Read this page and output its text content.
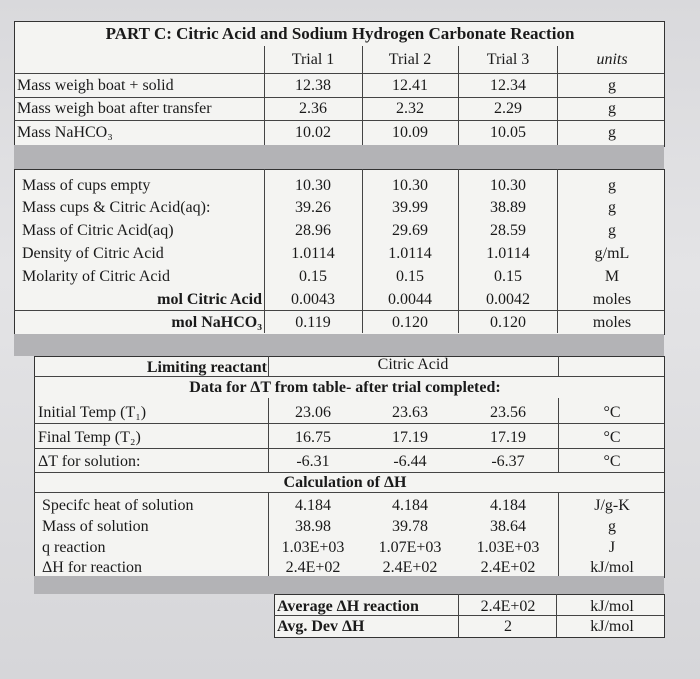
PART C: Citric Acid and Sodium Hydrogen Carbonate Reaction
Trial 1	Trial 2	Trial 3	units
Mass weigh boat + solid	12.38	12.41	12.34	g
Mass weigh boat after transfer	2.36	2.32	2.29	g
Mass NaHCO₃	10.02	10.09	10.05	g
Mass of cups empty	10.30	10.30	10.30	g
Mass cups & Citric Acid(aq):	39.26	39.99	38.89	g
Mass of Citric Acid(aq)	28.96	29.69	28.59	g
Density of Citric Acid	1.0114	1.0114	1.0114	g/mL
Molarity of Citric Acid	0.15	0.15	0.15	M
mol Citric Acid 0.0043	0.0044	0.0042	moles
mol NaHCO₃ 0.119	0.120	0.120	moles
Limiting reactant	Citric Acid
Data for ΔT from table- after trial completed:
Initial Temp (T₁)	23.06	23.63	23.56	°C
Final Temp (T₂)	16.75	17.19	17.19	°C
ΔT for solution:	-6.31	-6.44	-6.37	°C
Calculation of ΔH
Specifc heat of solution	4.184	4.184	4.184	J/g-K
Mass of solution	38.98	39.78	38.64	g
q reaction	1.03E+03 1.07E+03 1.03E+03	J
ΔH for reaction	2.4E+02	2.4E+02	2.4E+02	kJ/mol
Average ΔH reaction	2.4E+02	kJ/mol
Avg. Dev ΔH	2	kJ/mol
